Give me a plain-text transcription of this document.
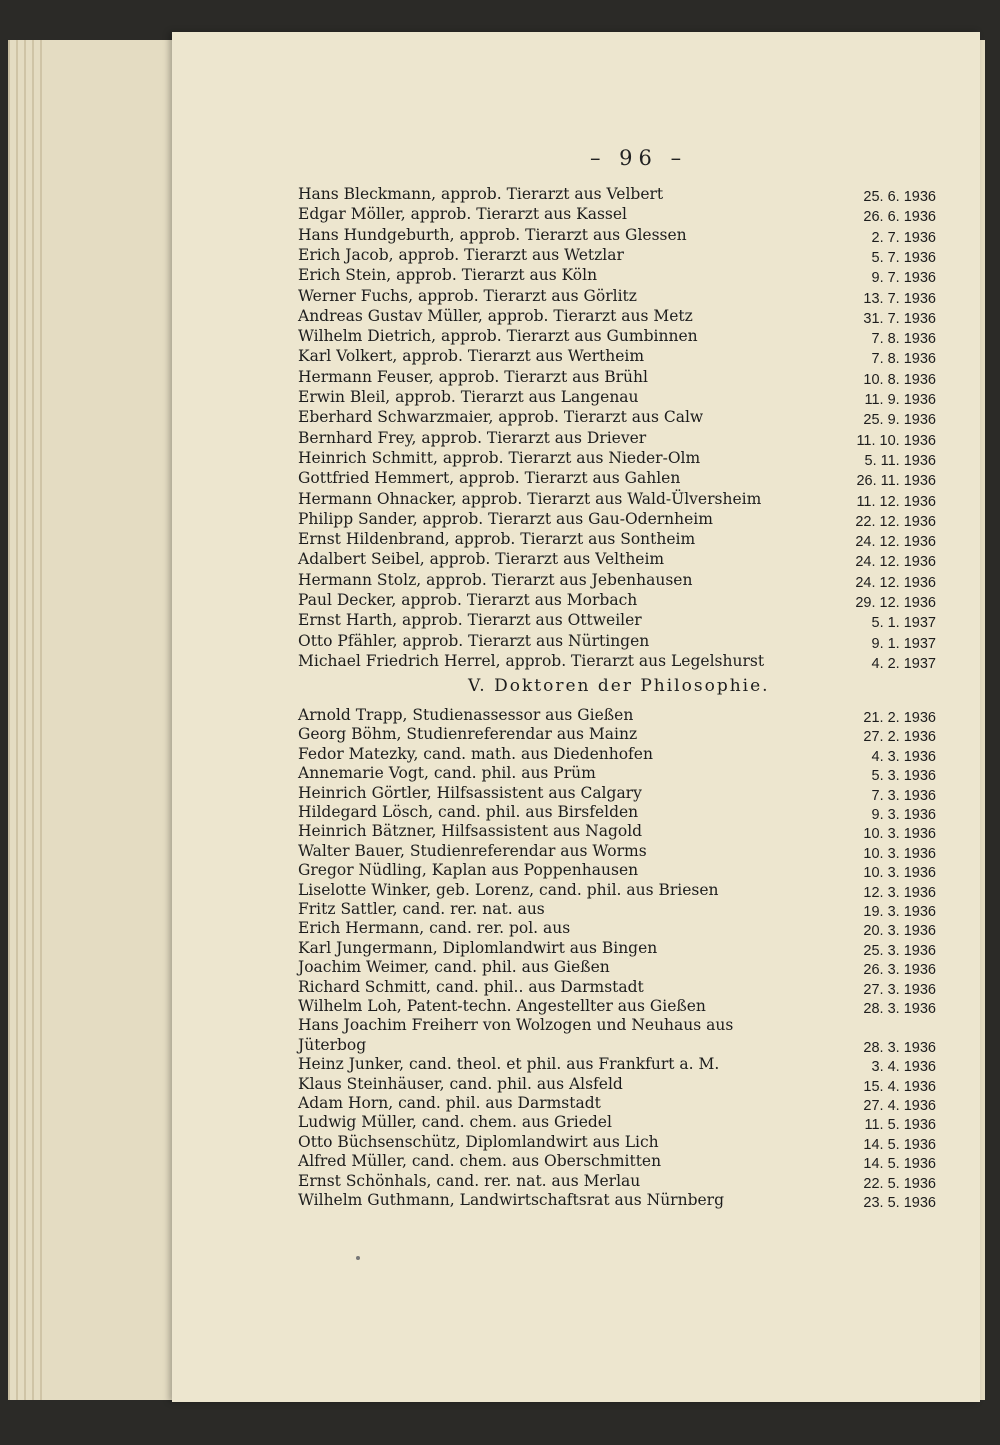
– 96 –
V. Doktoren der Philosophie.
Hans Bleckmann, approb. Tierarzt aus Velbert	25. 6. 1936
Edgar Möller, approb. Tierarzt aus Kassel	26. 6. 1936
Hans Hundgeburth, approb. Tierarzt aus Glessen	2. 7. 1936
Erich Jacob, approb. Tierarzt aus Wetzlar	5. 7. 1936
Erich Stein, approb. Tierarzt aus Köln	9. 7. 1936
Werner Fuchs, approb. Tierarzt aus Görlitz	13. 7. 1936
Andreas Gustav Müller, approb. Tierarzt aus Metz	31. 7. 1936
Wilhelm Dietrich, approb. Tierarzt aus Gumbinnen	7. 8. 1936
Karl Volkert, approb. Tierarzt aus Wertheim	7. 8. 1936
Hermann Feuser, approb. Tierarzt aus Brühl	10. 8. 1936
Erwin Bleil, approb. Tierarzt aus Langenau	11. 9. 1936
Eberhard Schwarzmaier, approb. Tierarzt aus Calw	25. 9. 1936
Bernhard Frey, approb. Tierarzt aus Driever	11. 10. 1936
Heinrich Schmitt, approb. Tierarzt aus Nieder-Olm	5. 11. 1936
Gottfried Hemmert, approb. Tierarzt aus Gahlen	26. 11. 1936
Hermann Ohnacker, approb. Tierarzt aus Wald-Ülversheim	11. 12. 1936
Philipp Sander, approb. Tierarzt aus Gau-Odernheim	22. 12. 1936
Ernst Hildenbrand, approb. Tierarzt aus Sontheim	24. 12. 1936
Adalbert Seibel, approb. Tierarzt aus Veltheim	24. 12. 1936
Hermann Stolz, approb. Tierarzt aus Jebenhausen	24. 12. 1936
Paul Decker, approb. Tierarzt aus Morbach	29. 12. 1936
Ernst Harth, approb. Tierarzt aus Ottweiler	5. 1. 1937
Otto Pfähler, approb. Tierarzt aus Nürtingen	9. 1. 1937
Michael Friedrich Herrel, approb. Tierarzt aus Legelshurst	4. 2. 1937
Arnold Trapp, Studienassessor aus Gießen	21. 2. 1936
Georg Böhm, Studienreferendar aus Mainz	27. 2. 1936
Fedor Matezky, cand. math. aus Diedenhofen	4. 3. 1936
Annemarie Vogt, cand. phil. aus Prüm	5. 3. 1936
Heinrich Görtler, Hilfsassistent aus Calgary	7. 3. 1936
Hildegard Lösch, cand. phil. aus Birsfelden	9. 3. 1936
Heinrich Bätzner, Hilfsassistent aus Nagold	10. 3. 1936
Walter Bauer, Studienreferendar aus Worms	10. 3. 1936
Gregor Nüdling, Kaplan aus Poppenhausen	10. 3. 1936
Liselotte Winker, geb. Lorenz, cand. phil. aus Briesen	12. 3. 1936
Fritz Sattler, cand. rer. nat. aus	19. 3. 1936
Erich Hermann, cand. rer. pol. aus	20. 3. 1936
Karl Jungermann, Diplomlandwirt aus Bingen	25. 3. 1936
Joachim Weimer, cand. phil. aus Gießen	26. 3. 1936
Richard Schmitt, cand. phil.. aus Darmstadt	27. 3. 1936
Wilhelm Loh, Patent-techn. Angestellter aus Gießen	28. 3. 1936
Hans Joachim Freiherr von Wolzogen und Neuhaus aus
Jüterbog	28. 3. 1936
Heinz Junker, cand. theol. et phil. aus Frankfurt a. M.	3. 4. 1936
Klaus Steinhäuser, cand. phil. aus Alsfeld	15. 4. 1936
Adam Horn, cand. phil. aus Darmstadt	27. 4. 1936
Ludwig Müller, cand. chem. aus Griedel	11. 5. 1936
Otto Büchsenschütz, Diplomlandwirt aus Lich	14. 5. 1936
Alfred Müller, cand. chem. aus Oberschmitten	14. 5. 1936
Ernst Schönhals, cand. rer. nat. aus Merlau	22. 5. 1936
Wilhelm Guthmann, Landwirtschaftsrat aus Nürnberg	23. 5. 1936
